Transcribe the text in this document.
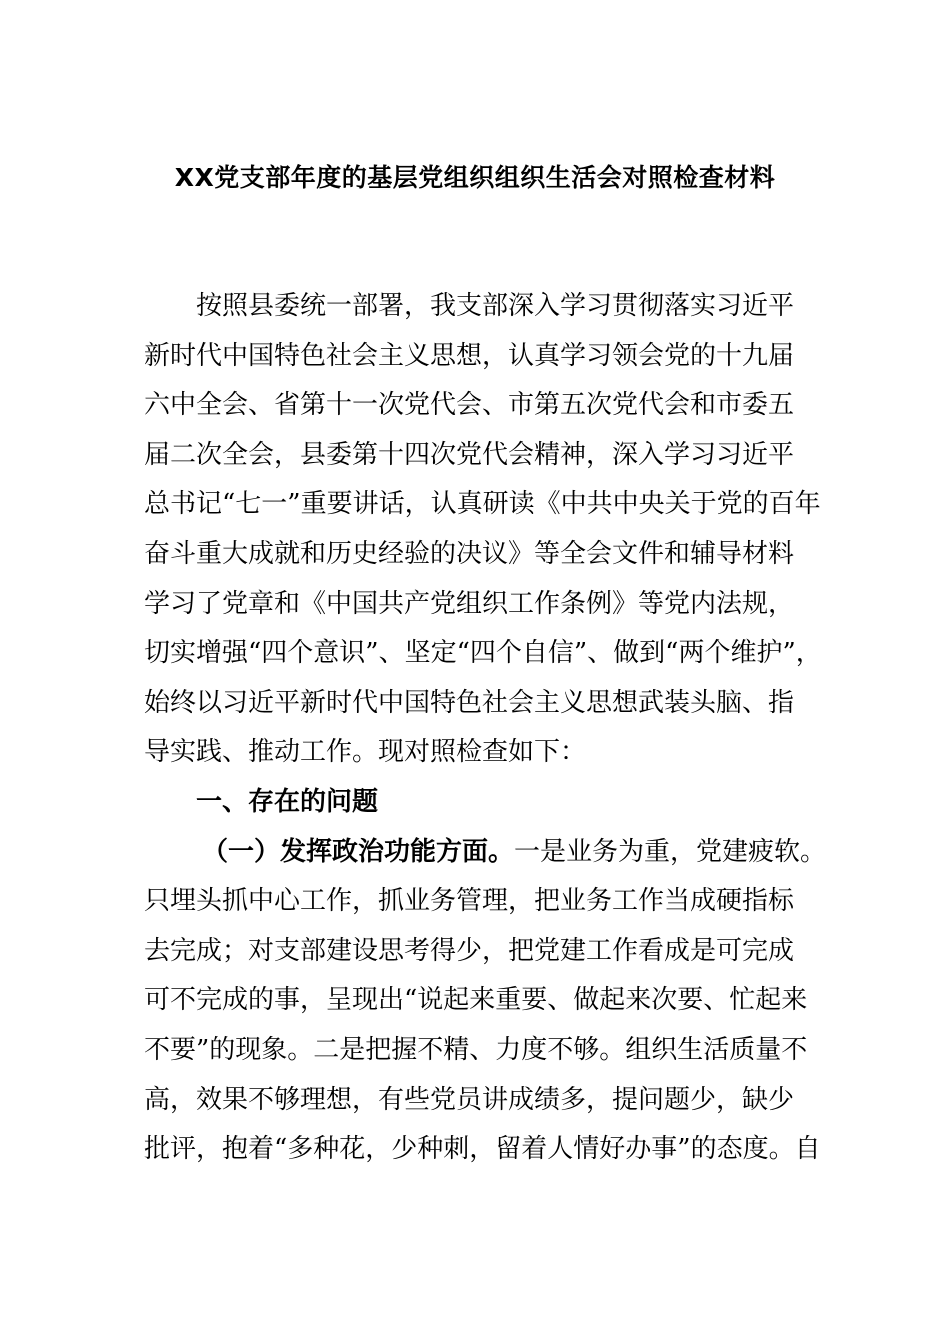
XX党支部年度的基层党组织组织生活会对照检查材料
按照县委统一部署，我支部深入学习贯彻落实习近平
新时代中国特色社会主义思想，认真学习领会党的十九届
六中全会、省第十一次党代会、市第五次党代会和市委五
届二次全会，县委第十四次党代会精神，深入学习习近平
总书记“七一”重要讲话，认真研读《中共中央关于党的百年
奋斗重大成就和历史经验的决议》等全会文件和辅导材料
学习了党章和《中国共产党组织工作条例》等党内法规，
切实增强“四个意识”、坚定“四个自信”、做到“两个维护”，
始终以习近平新时代中国特色社会主义思想武装头脑、指
导实践、推动工作。现对照检查如下：
一、存在的问题
（一）发挥政治功能方面。一是业务为重，党建疲软。
只埋头抓中心工作，抓业务管理，把业务工作当成硬指标
去完成；对支部建设思考得少，把党建工作看成是可完成
可不完成的事，呈现出“说起来重要、做起来次要、忙起来
不要”的现象。二是把握不精、力度不够。组织生活质量不
高，效果不够理想，有些党员讲成绩多，提问题少，缺少
批评，抱着“多种花，少种刺，留着人情好办事”的态度。自
